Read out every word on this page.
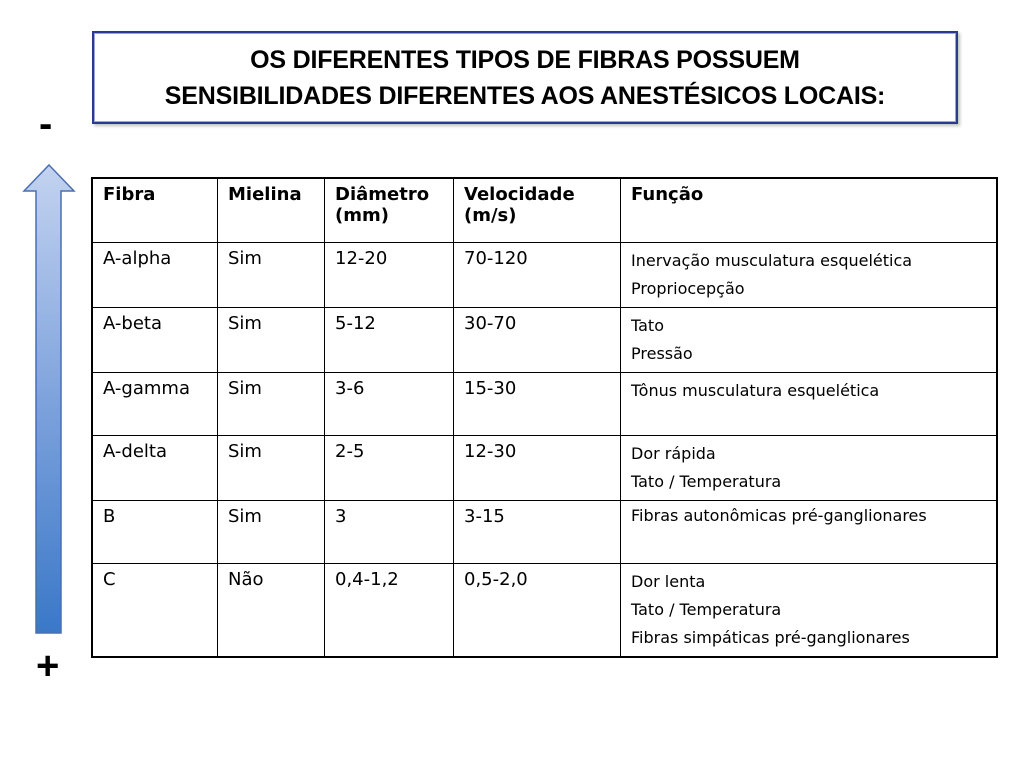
OS DIFERENTES TIPOS DE FIBRAS POSSUEM
SENSIBILIDADES DIFERENTES AOS ANESTÉSICOS LOCAIS:
-
+
Fibra	Mielina	Diâmetro (mm)	Velocidade (m/s)	Função
A-alpha	Sim	12-20	70-120	Inervação musculatura esquelética
Propriocepção

A-beta	Sim	5-12	30-70	Tato
Pressão

A-gamma	Sim	3-6	15-30	Tônus musculatura esquelética

A-delta	Sim	2-5	12-30	Dor rápida
Tato / Temperatura

B	Sim	3	3-15	Fibras autonômicas pré-ganglionares

C	Não	0,4-1,2	0,5-2,0	Dor lenta
Tato / Temperatura
Fibras simpáticas pré-ganglionares
